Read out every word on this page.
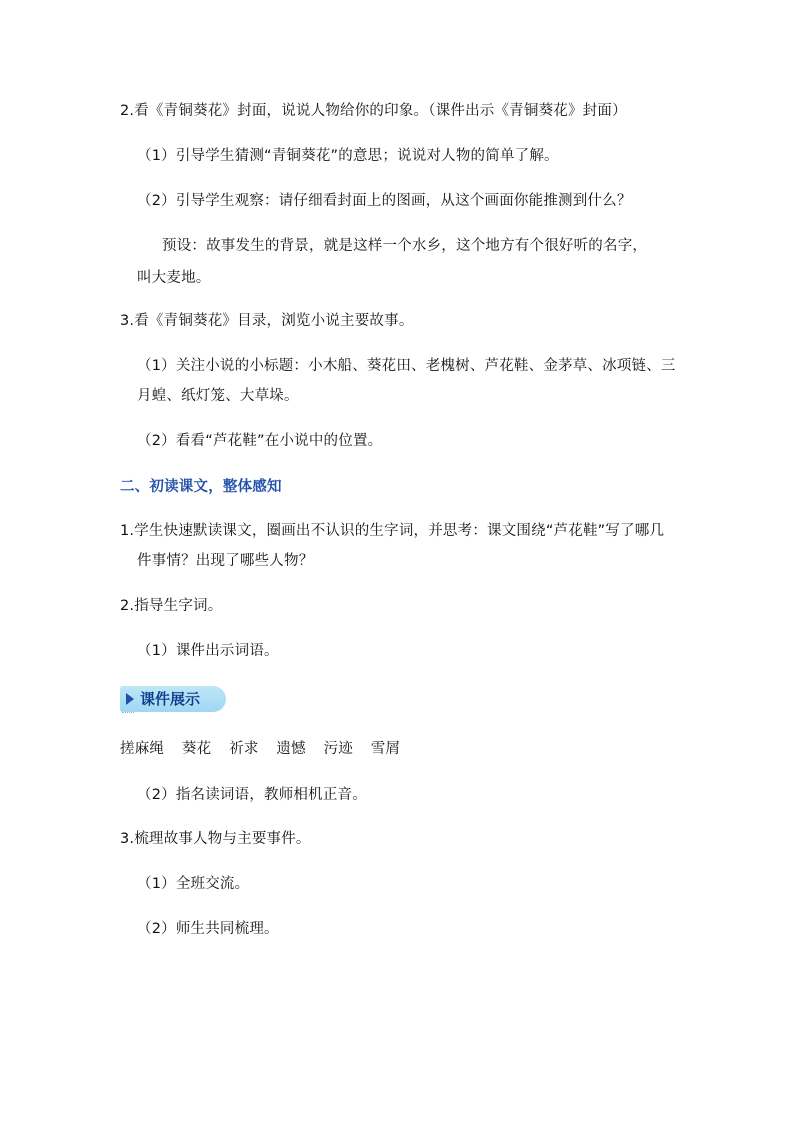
2.看《青铜葵花》封面，说说人物给你的印象。（课件出示《青铜葵花》封面）
（1）引导学生猜测“青铜葵花”的意思；说说对人物的简单了解。
（2）引导学生观察：请仔细看封面上的图画，从这个画面你能推测到什么？
预设：故事发生的背景，就是这样一个水乡，这个地方有个很好听的名字，
叫大麦地。
3.看《青铜葵花》目录，浏览小说主要故事。
（1）关注小说的小标题：小木船、葵花田、老槐树、芦花鞋、金茅草、冰项链、三
月蝗、纸灯笼、大草垛。
（2）看看“芦花鞋”在小说中的位置。
二、初读课文，整体感知
1.学生快速默读课文，圈画出不认识的生字词，并思考：课文围绕“芦花鞋”写了哪几
件事情？出现了哪些人物？
2.指导生字词。
（1）课件出示词语。
课件展示
搓麻绳 葵花 祈求 遗憾 污迹 雪屑
（2）指名读词语，教师相机正音。
3.梳理故事人物与主要事件。
（1）全班交流。
（2）师生共同梳理。
